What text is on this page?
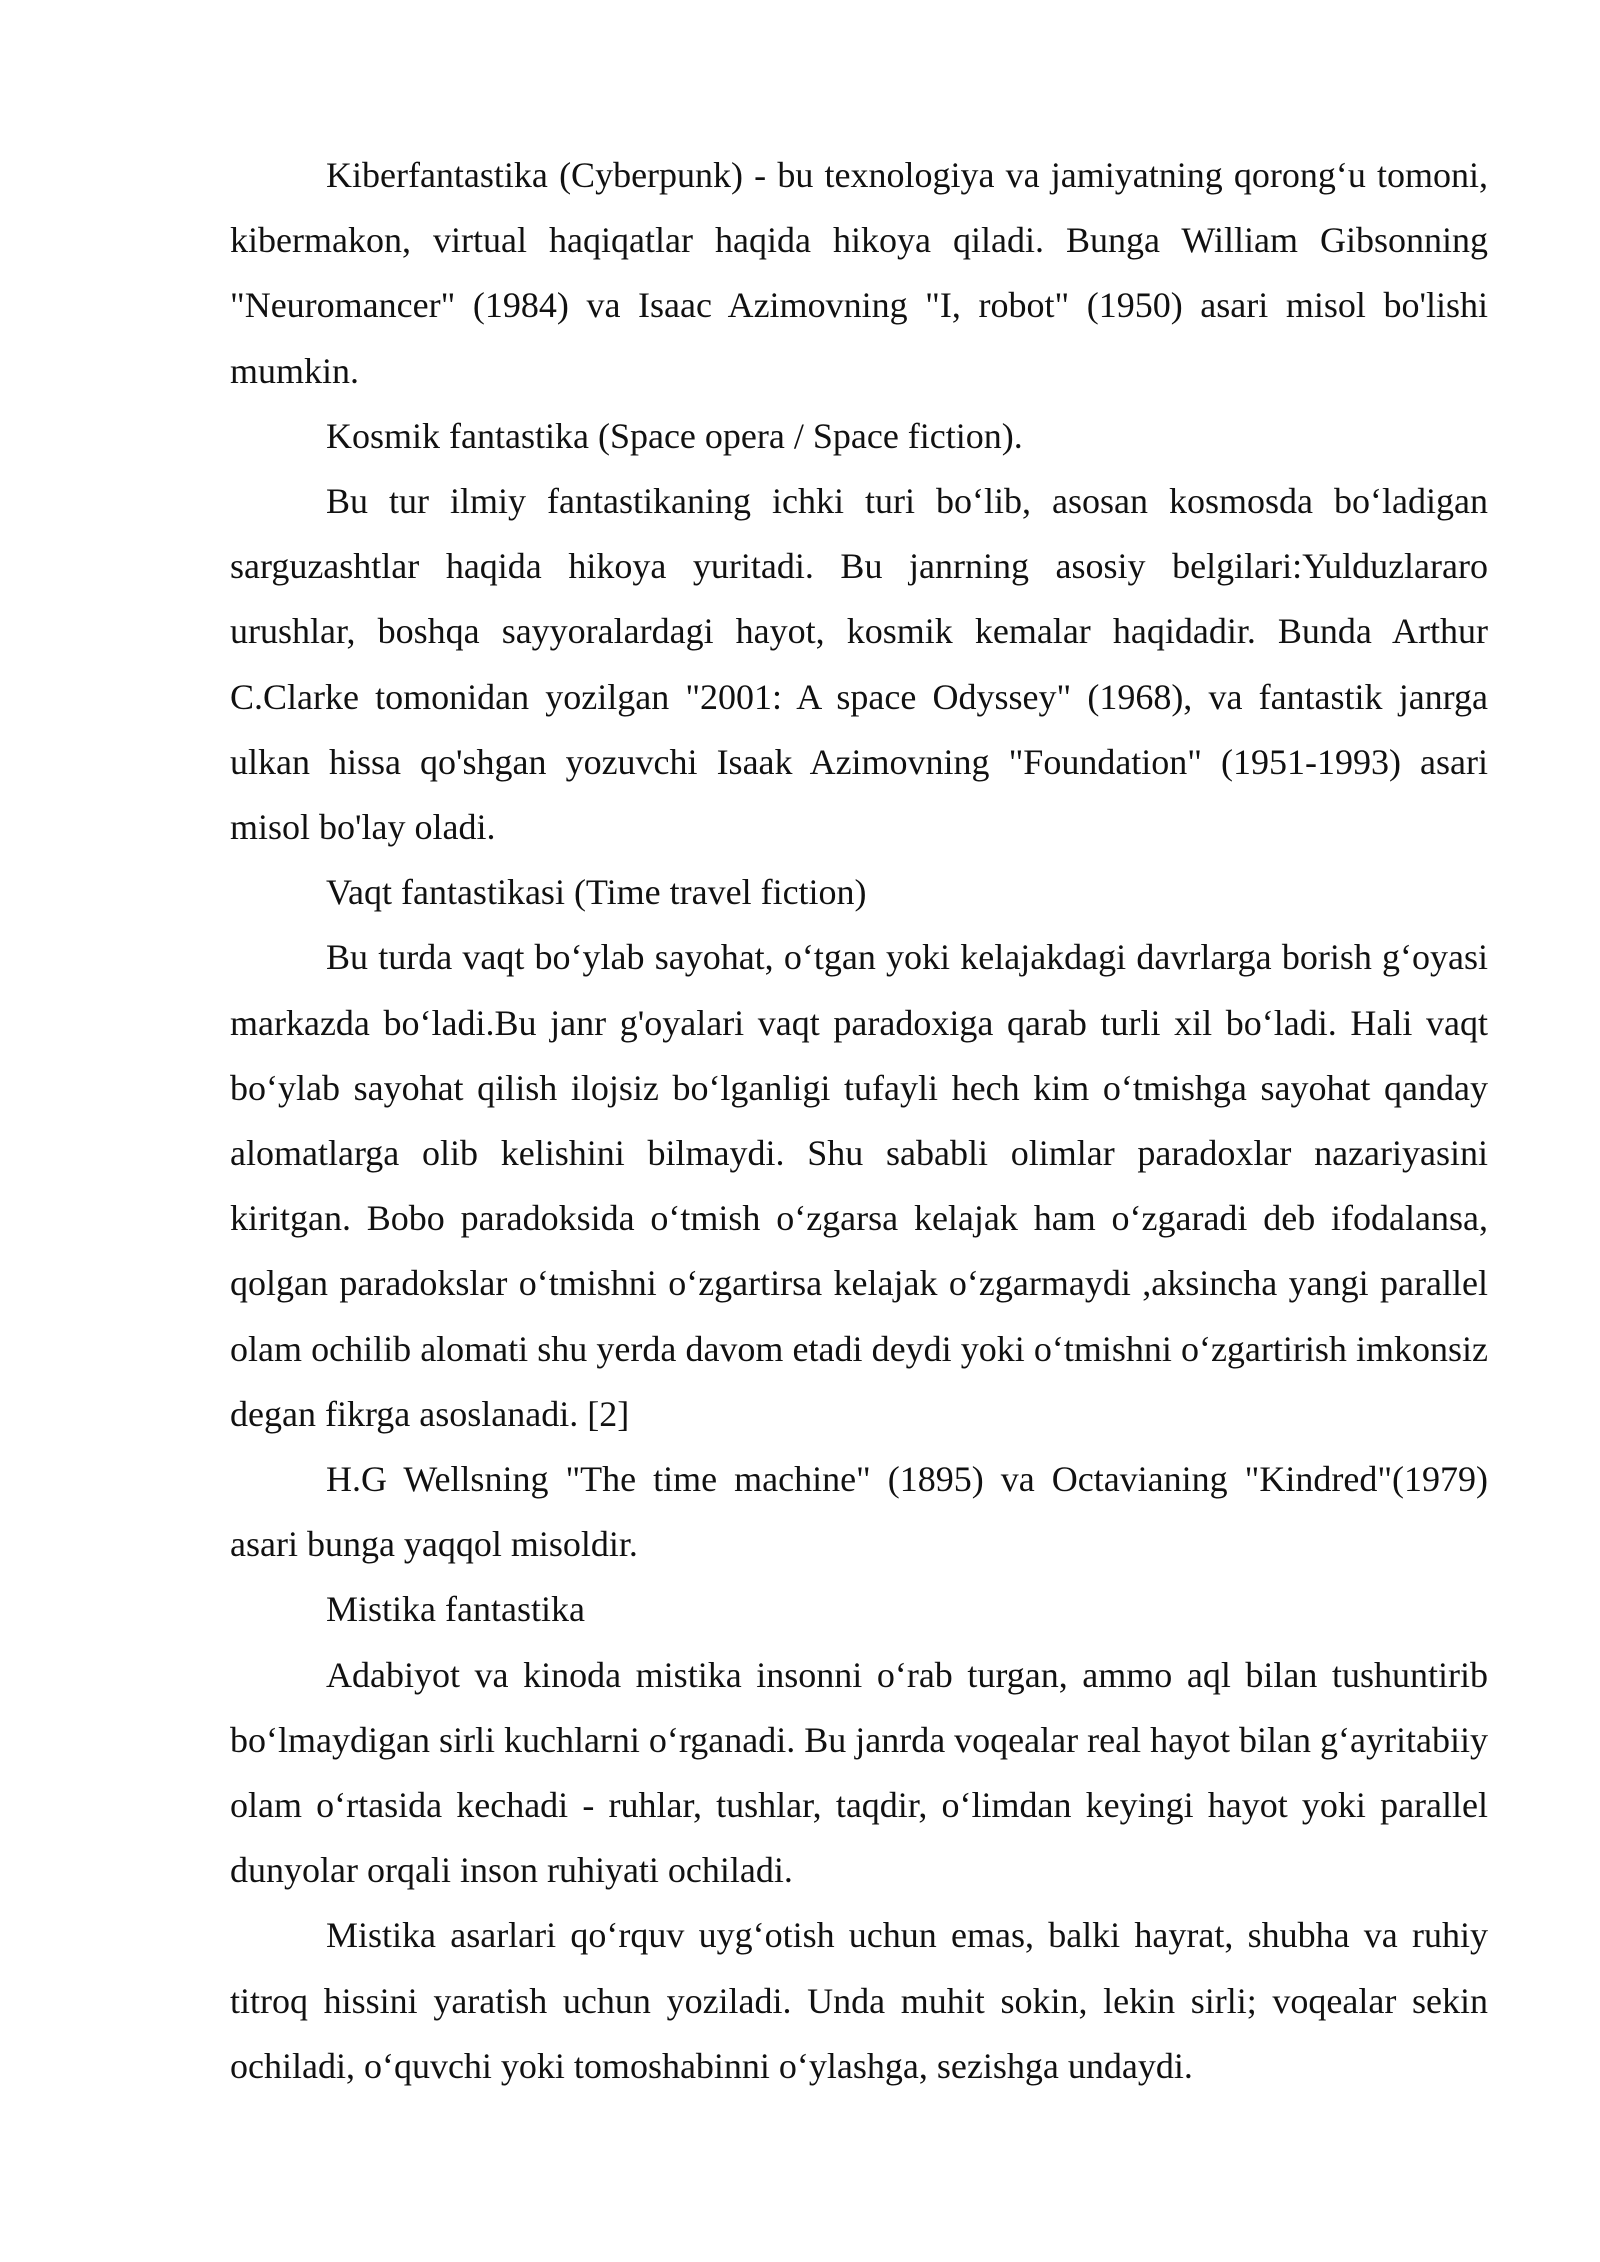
Kiberfantastika (Cyberpunk) - bu texnologiya va jamiyatning qorong‘u tomoni, kibermakon, virtual haqiqatlar haqida hikoya qiladi. Bunga William Gibsonning "Neuromancer" (1984) va Isaac Azimovning "I, robot" (1950) asari misol bo'lishi mumkin.

Kosmik fantastika (Space opera / Space fiction).

Bu tur ilmiy fantastikaning ichki turi bo‘lib, asosan kosmosda bo‘ladigan sarguzashtlar haqida hikoya yuritadi. Bu janrning asosiy belgilari:Yulduzlararo urushlar, boshqa sayyoralardagi hayot, kosmik kemalar haqidadir. Bunda Arthur C.Clarke tomonidan yozilgan "2001: A space Odyssey" (1968), va fantastik janrga ulkan hissa qo'shgan yozuvchi Isaak Azimovning "Foundation" (1951-1993) asari misol bo'lay oladi.

Vaqt fantastikasi (Time travel fiction)

Bu turda vaqt bo‘ylab sayohat, o‘tgan yoki kelajakdagi davrlarga borish g‘oyasi markazda bo‘ladi.Bu janr g'oyalari vaqt paradoxiga qarab turli xil bo‘ladi. Hali vaqt bo‘ylab sayohat qilish ilojsiz bo‘lganligi tufayli hech kim o‘tmishga sayohat qanday alomatlarga olib kelishini bilmaydi. Shu sababli olimlar paradoxlar nazariyasini kiritgan. Bobo paradoksida o‘tmish o‘zgarsa kelajak ham o‘zgaradi deb ifodalansa, qolgan paradokslar o‘tmishni o‘zgartirsa kelajak o‘zgarmaydi ,aksincha yangi parallel olam ochilib alomati shu yerda davom etadi deydi yoki o‘tmishni o‘zgartirish imkonsiz degan fikrga asoslanadi. [2]

H.G Wellsning "The time machine" (1895) va Octavianing "Kindred"(1979) asari bunga yaqqol misoldir.

Mistika fantastika

Adabiyot va kinoda mistika insonni o‘rab turgan, ammo aql bilan tushuntirib bo‘lmaydigan sirli kuchlarni o‘rganadi. Bu janrda voqealar real hayot bilan g‘ayritabiiy olam o‘rtasida kechadi - ruhlar, tushlar, taqdir, o‘limdan keyingi hayot yoki parallel dunyolar orqali inson ruhiyati ochiladi.

Mistika asarlari qo‘rquv uyg‘otish uchun emas, balki hayrat, shubha va ruhiy titroq hissini yaratish uchun yoziladi. Unda muhit sokin, lekin sirli; voqealar sekin ochiladi, o‘quvchi yoki tomoshabinni o‘ylashga, sezishga undaydi.
